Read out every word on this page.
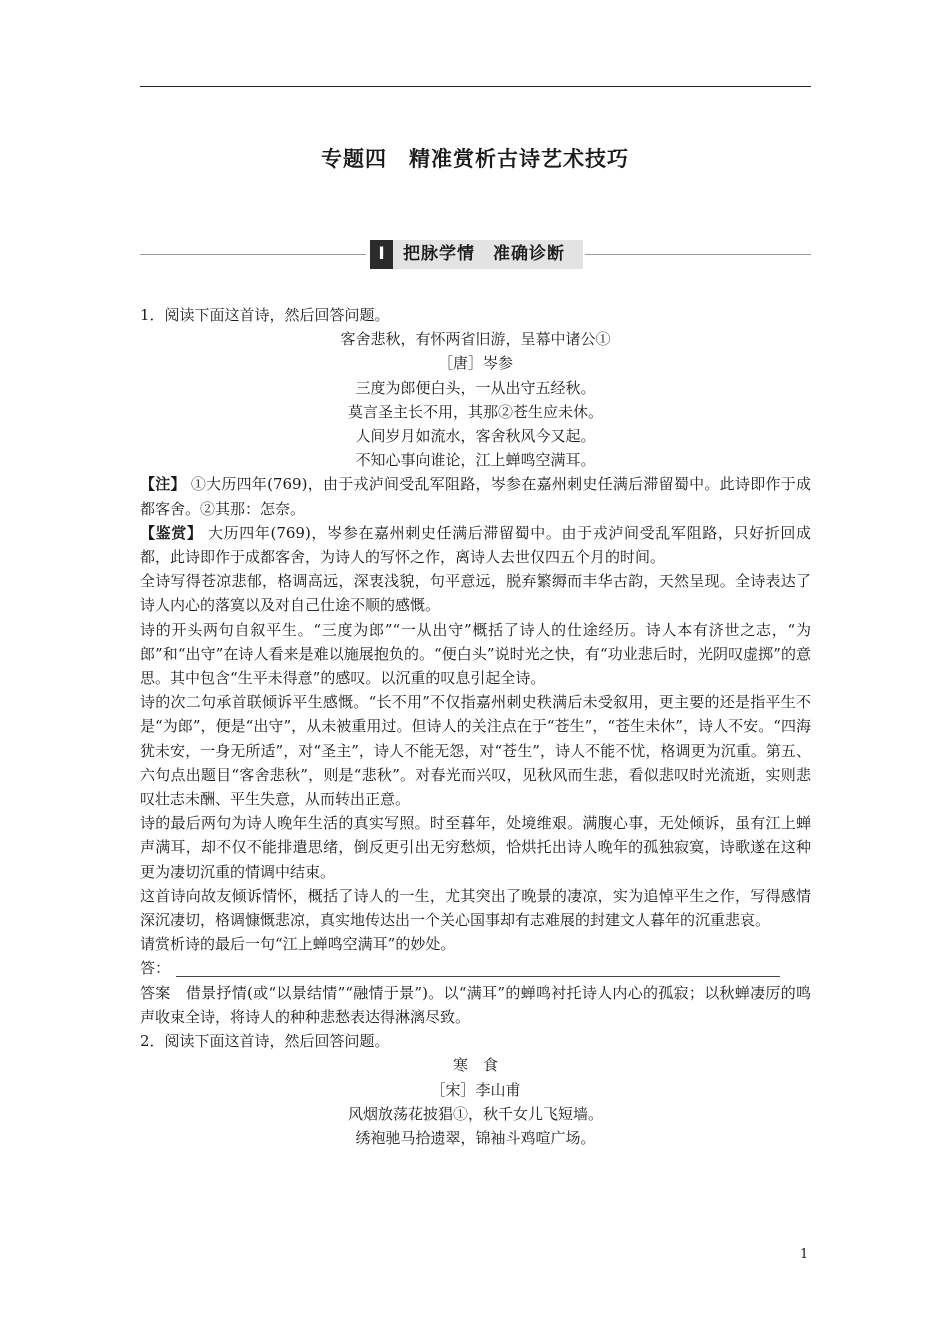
专题四　精准赏析古诗艺术技巧
I	把脉学情　准确诊断

1．阅读下面这首诗，然后回答问题。

客舍悲秋，有怀两省旧游，呈幕中诸公①

［唐］岑参

三度为郎便白头，一从出守五经秋。

莫言圣主长不用，其那②苍生应未休。

人间岁月如流水，客舍秋风今又起。

不知心事向谁论，江上蝉鸣空满耳。

【注】 ①大历四年(769)，由于戎泸间受乱军阻路，岑参在嘉州刺史任满后滞留蜀中。此诗即作于成都客舍。②其那：怎奈。

【鉴赏】 大历四年(769)，岑参在嘉州刺史任满后滞留蜀中。由于戎泸间受乱军阻路，只好折回成都，此诗即作于成都客舍，为诗人的写怀之作，离诗人去世仅四五个月的时间。

全诗写得苍凉悲郁，格调高远，深衷浅貌，句平意远，脱弃繁缛而丰华古韵，天然呈现。全诗表达了诗人内心的落寞以及对自己仕途不顺的感慨。

诗的开头两句自叙平生。“三度为郎”“一从出守”概括了诗人的仕途经历。诗人本有济世之志，“为郎”和“出守”在诗人看来是难以施展抱负的。“便白头”说时光之快，有“功业悲后时，光阴叹虚掷”的意思。其中包含“生平未得意”的感叹。以沉重的叹息引起全诗。

诗的次二句承首联倾诉平生感慨。“长不用”不仅指嘉州刺史秩满后未受叙用，更主要的还是指平生不是“为郎”，便是“出守”，从未被重用过。但诗人的关注点在于“苍生”，“苍生未休”，诗人不安。“四海犹未安，一身无所适”，对“圣主”，诗人不能无怨，对“苍生”，诗人不能不忧，格调更为沉重。第五、六句点出题目“客舍悲秋”，则是“悲秋”。对春光而兴叹，见秋风而生悲，看似悲叹时光流逝，实则悲叹壮志未酬、平生失意，从而转出正意。

诗的最后两句为诗人晚年生活的真实写照。时至暮年，处境维艰。满腹心事，无处倾诉，虽有江上蝉声满耳，却不仅不能排遣思绪，倒反更引出无穷愁烦，恰烘托出诗人晚年的孤独寂寞，诗歌遂在这种更为凄切沉重的情调中结束。

这首诗向故友倾诉情怀，概括了诗人的一生，尤其突出了晚景的凄凉，实为追悼平生之作，写得感情深沉凄切，格调慷慨悲凉，真实地传达出一个关心国事却有志难展的封建文人暮年的沉重悲哀。

请赏析诗的最后一句“江上蝉鸣空满耳”的妙处。

答：

答案 借景抒情(或“以景结情”“融情于景”)。以“满耳”的蝉鸣衬托诗人内心的孤寂；以秋蝉凄厉的鸣声收束全诗，将诗人的种种悲愁表达得淋漓尽致。

2．阅读下面这首诗，然后回答问题。

寒　食

［宋］李山甫

风烟放荡花披猖①，秋千女儿飞短墙。

绣袍驰马拾遗翠，锦袖斗鸡喧广场。

1
